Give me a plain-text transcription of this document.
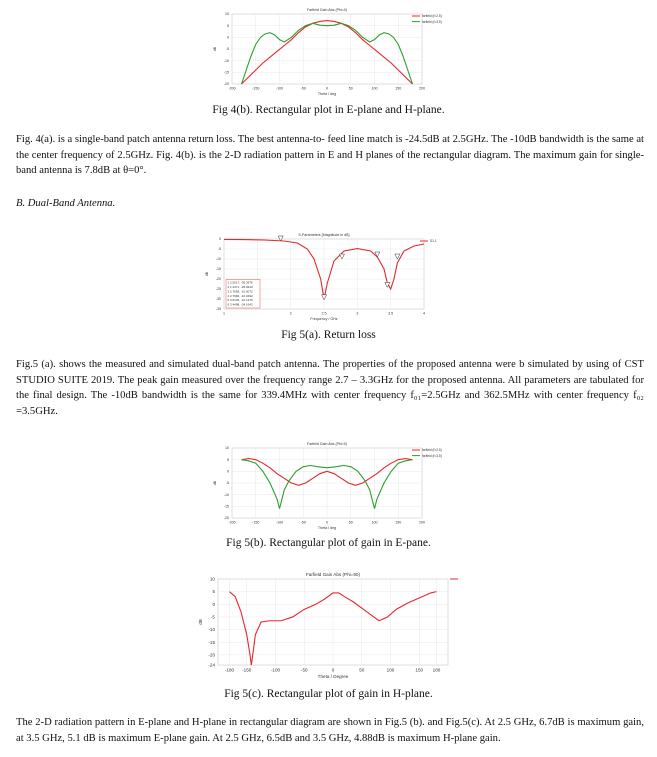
Farfield Gain Abs (Phi=0)
-200	-150	-100	-50	0	50	100	150	200
10
5
0
-5
-10
-15
-20
Theta / deg
dB
farfield (f=2.5)
farfield (f=3.5)
Fig 4(b). Rectangular plot in E-plane and H-plane.
Fig. 4(a). is a single-band patch antenna return loss. The best antenna-to- feed line match is -24.5dB at 2.5GHz. The -10dB bandwidth is the same at the center frequency of 2.5GHz. Fig. 4(b). is the 2-D radiation pattern in E and H planes of the rectangular diagram. The maximum gain for single-band antenna is 7.8dB at θ=0°.
B. Dual-Band Antenna.
S-Parameters [Magnitude in dB]
1	2	2.5	3	3.5	4
0
-5
-10
-15
-20
-25
-30
-35
Frequency / GHz
dB
S1,1
1 2.5017, -30.3976
2 1.4471, -29.9440
3 2.7659, -10.0072
4 2.7982, -10.0492
5 3.6145, -10.1276
6 3.4498, -24.1642
Fig 5(a). Return loss
Fig.5 (a). shows the measured and simulated dual-band patch antenna. The properties of the proposed antenna were b simulated by using of CST STUDIO SUITE 2019. The peak gain measured over the frequency range 2.7 – 3.3GHz for the proposed antenna. All parameters are tabulated for the final design. The -10dB bandwidth is the same for 339.4MHz with center frequency f₀₁=2.5GHz and 362.5MHz with center frequency f₀₂ =3.5GHz.
Farfield Gain Abs (Phi=0)
-200	-150	-100	-50	0	50	100	150	200
10
5
0
-5
-10
-15
-20
Theta / deg
dB
farfield (f=2.5)
farfield (f=3.5)
Fig 5(b). Rectangular plot of gain in E-pane.
Farfield Gain Abs (Phi=90)
-180 -150	-100	-50	0	50	100	150 180
10
5
0
-5
-10
-15
-20
-24
Theta / Degree
dB
Fig 5(c). Rectangular plot of gain in H-plane.
The 2-D radiation pattern in E-plane and H-plane in rectangular diagram are shown in Fig.5 (b). and Fig.5(c). At 2.5 GHz, 6.7dB is maximum gain, at 3.5 GHz, 5.1 dB is maximum E-plane gain. At 2.5 GHz, 6.5dB and 3.5 GHz, 4.88dB is maximum H-plane gain.
